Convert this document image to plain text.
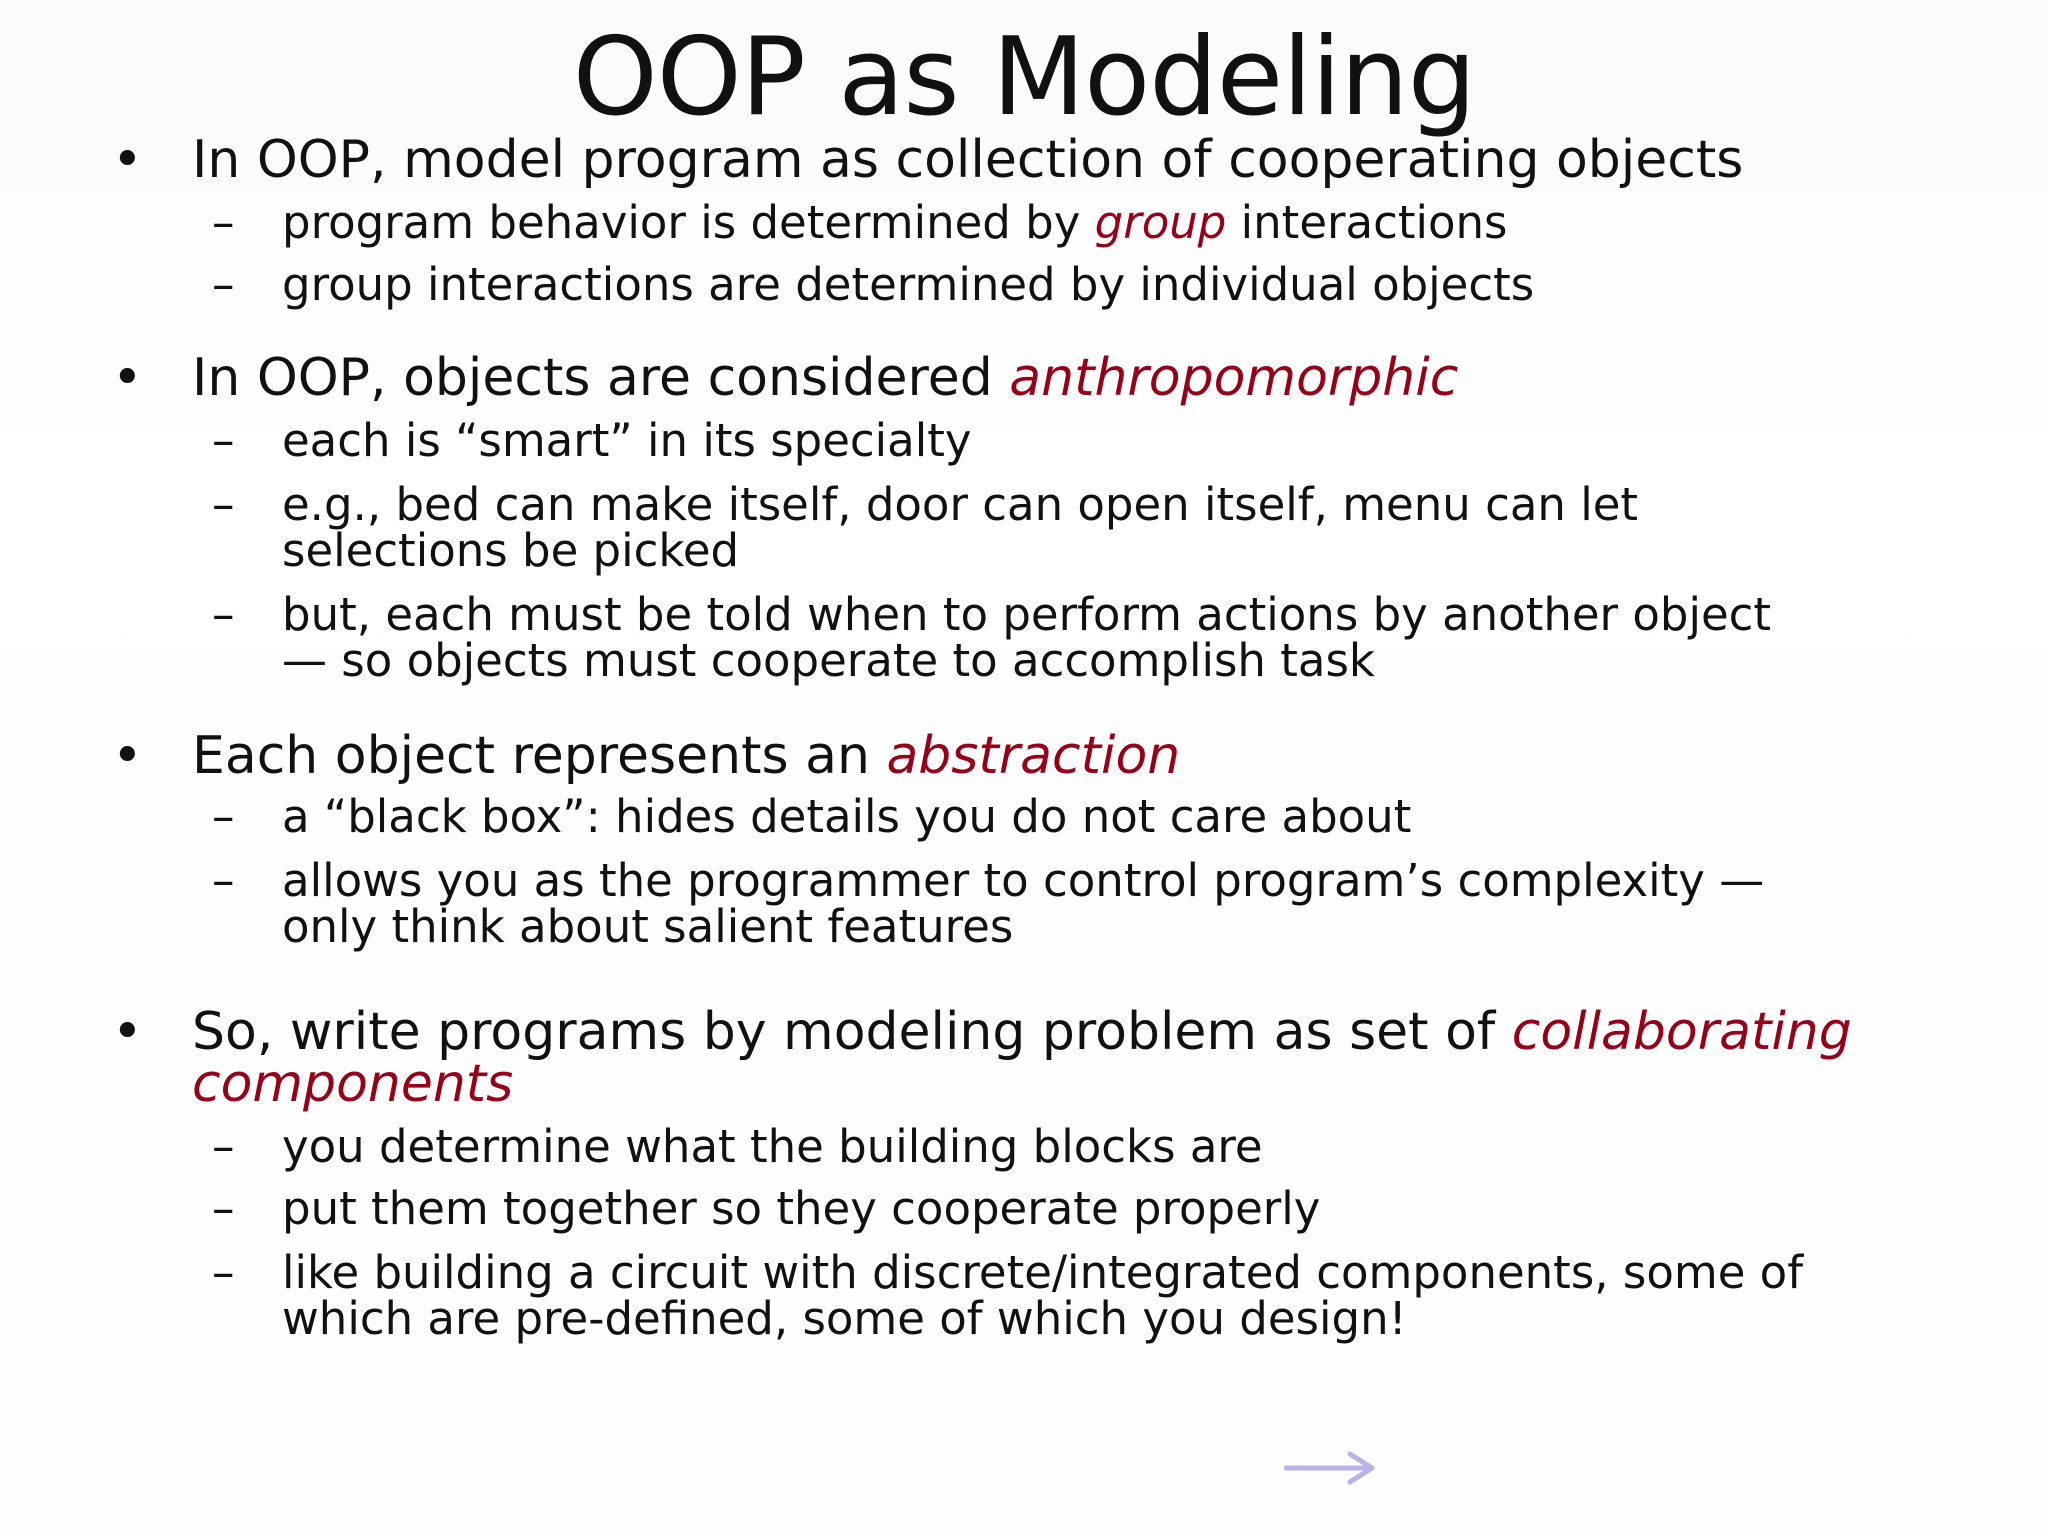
OOP as Modeling
• In OOP, model program as collection of cooperating objects
– program behavior is determined by group interactions
– group interactions are determined by individual objects
• In OOP, objects are considered anthropomorphic
– each is “smart” in its specialty
– e.g., bed can make itself, door can open itself, menu can let
selections be picked
– but, each must be told when to perform actions by another object
— so objects must cooperate to accomplish task
• Each object represents an abstraction
– a “black box”: hides details you do not care about
– allows you as the programmer to control program’s complexity —
only think about salient features
• So, write programs by modeling problem as set of collaborating
components
– you determine what the building blocks are
– put them together so they cooperate properly
– like building a circuit with discrete/integrated components, some of
which are pre-defined, some of which you design!
